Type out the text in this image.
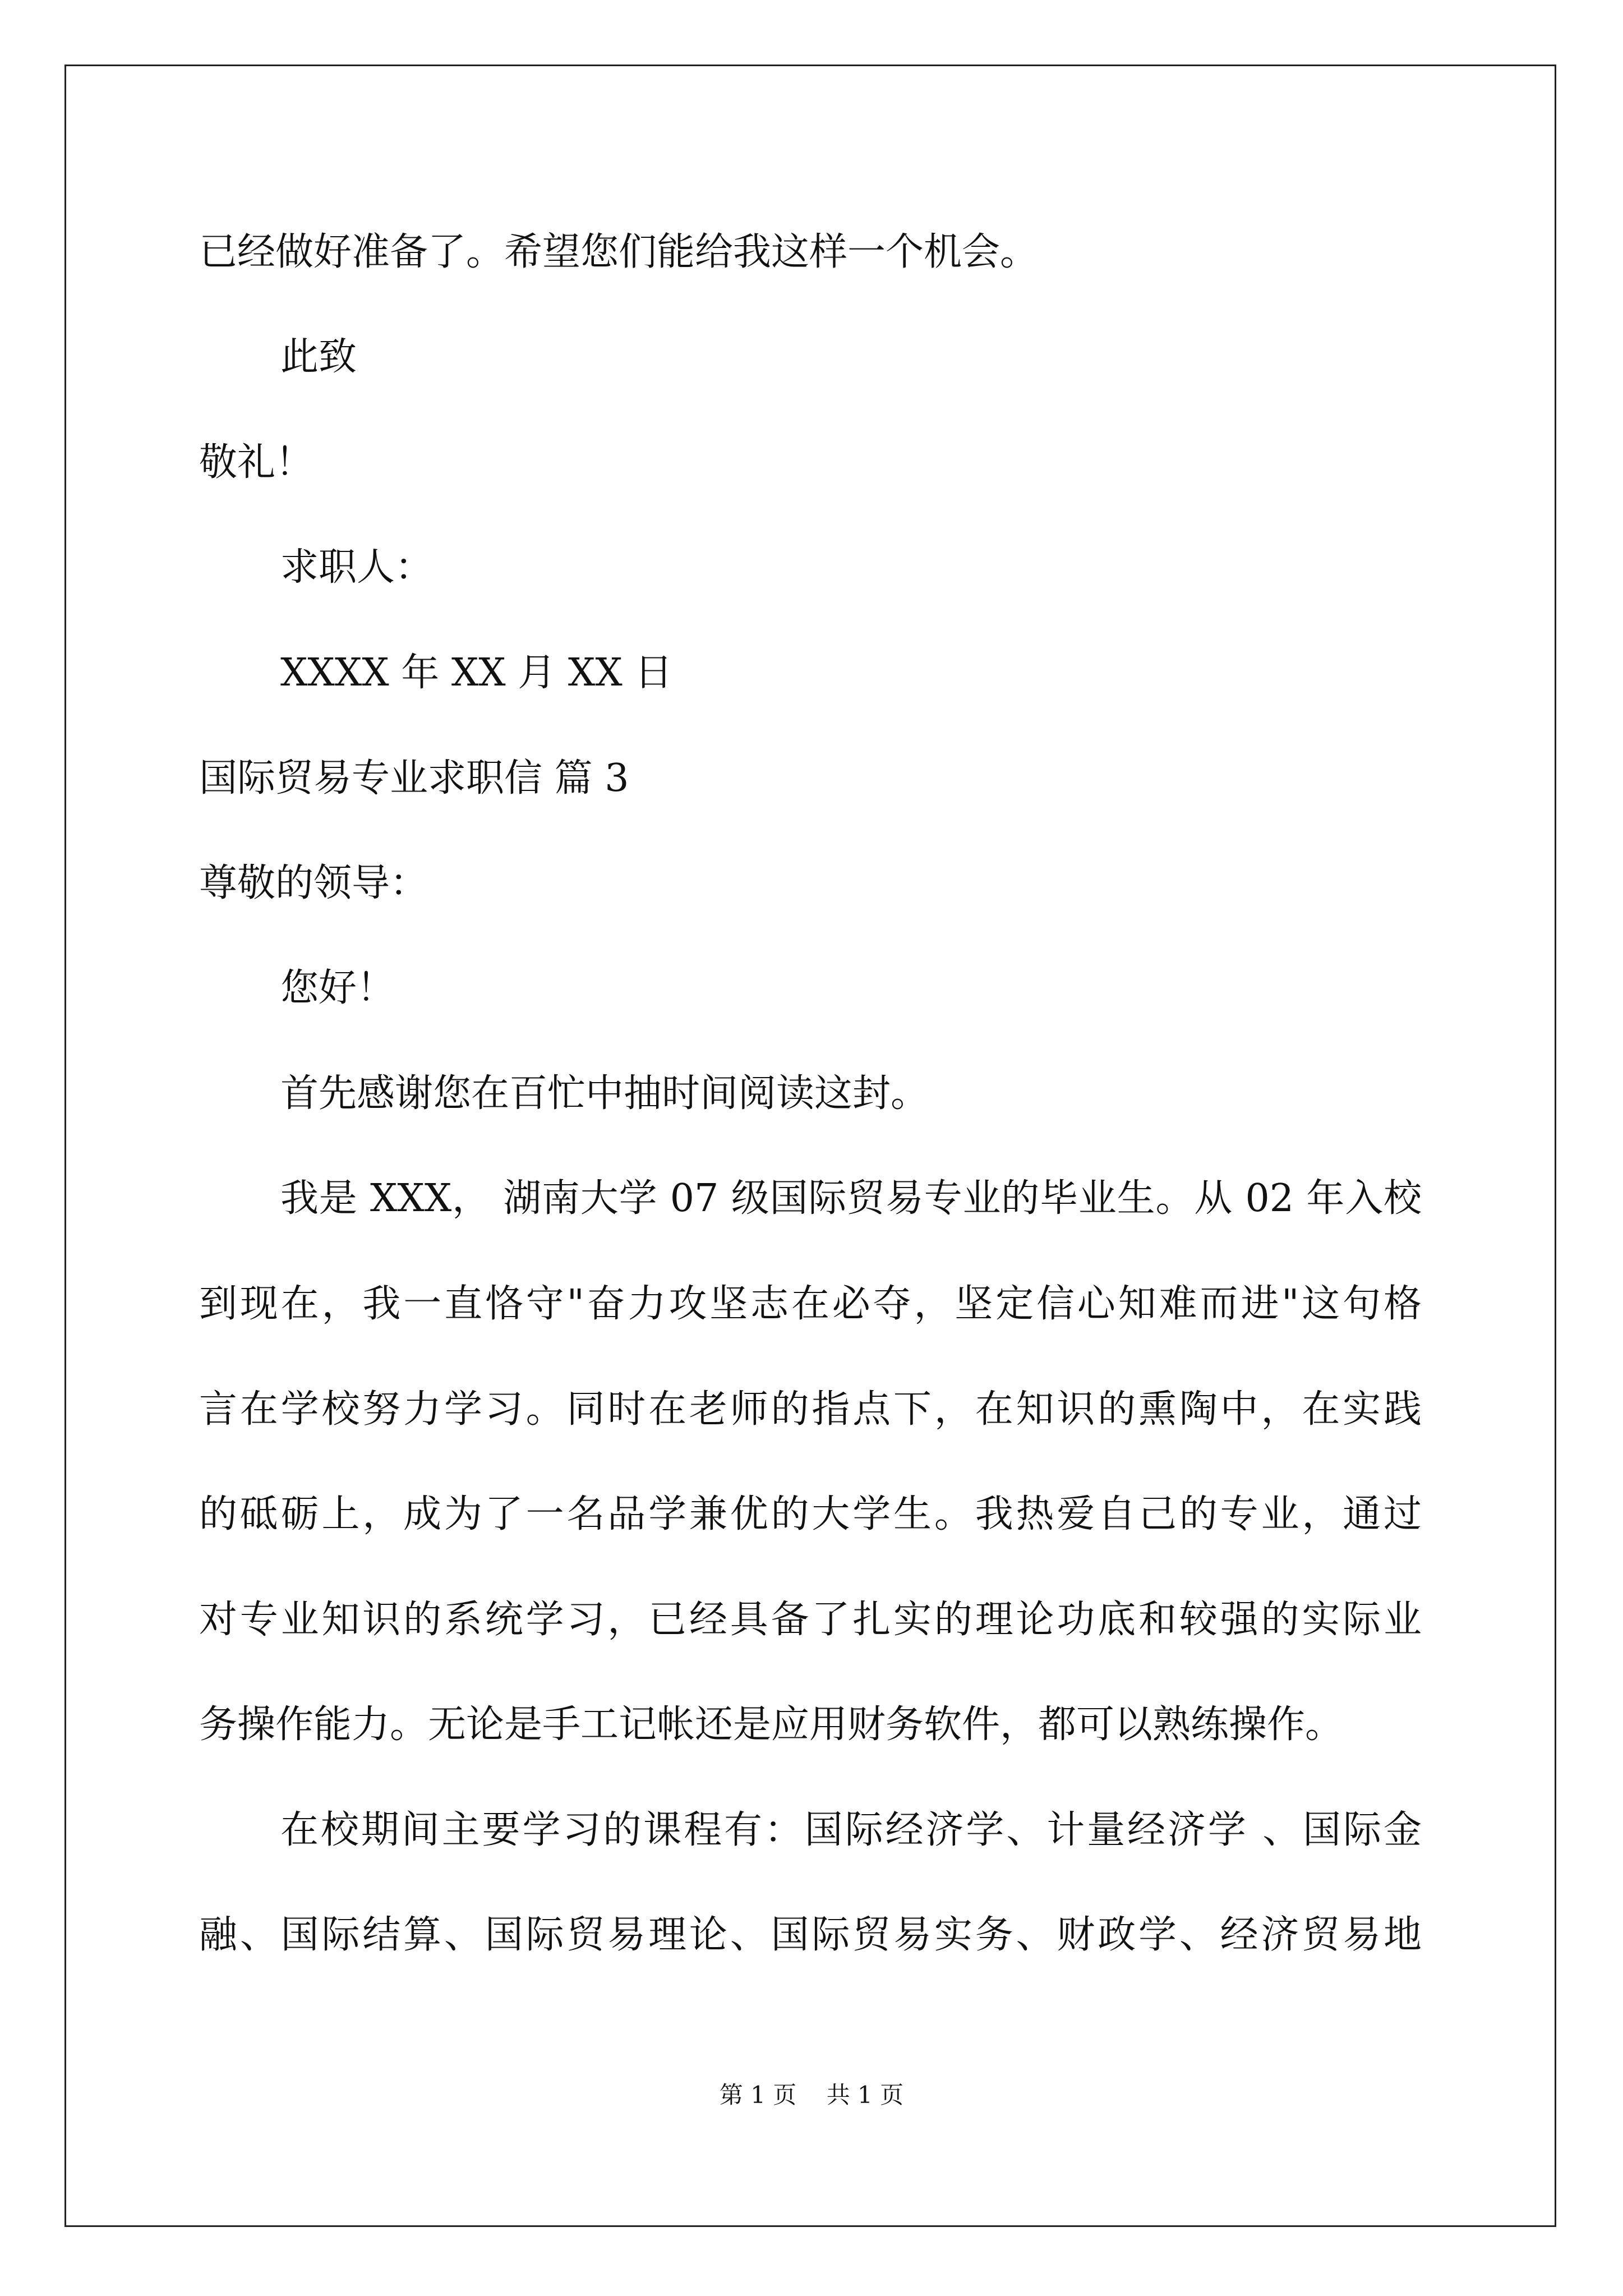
已经做好准备了。希望您们能给我这样一个机会。
此致
敬礼！
求职人：
XXXX 年 XX 月 XX 日
国际贸易专业求职信 篇 3
尊敬的领导：
您好！
首先感谢您在百忙中抽时间阅读这封。
我是 XXX， 湖南大学 07 级国际贸易专业的毕业生。从 02 年入校
到现在，我一直恪守"奋力攻坚志在必夺，坚定信心知难而进"这句格
言在学校努力学习。同时在老师的指点下，在知识的熏陶中，在实践
的砥砺上，成为了一名品学兼优的大学生。我热爱自己的专业，通过
对专业知识的系统学习，已经具备了扎实的理论功底和较强的实际业
务操作能力。无论是手工记帐还是应用财务软件，都可以熟练操作。
在校期间主要学习的课程有：国际经济学、计量经济学 、国际金
融、国际结算、国际贸易理论、国际贸易实务、财政学、经济贸易地
第 1 页    共 1 页
